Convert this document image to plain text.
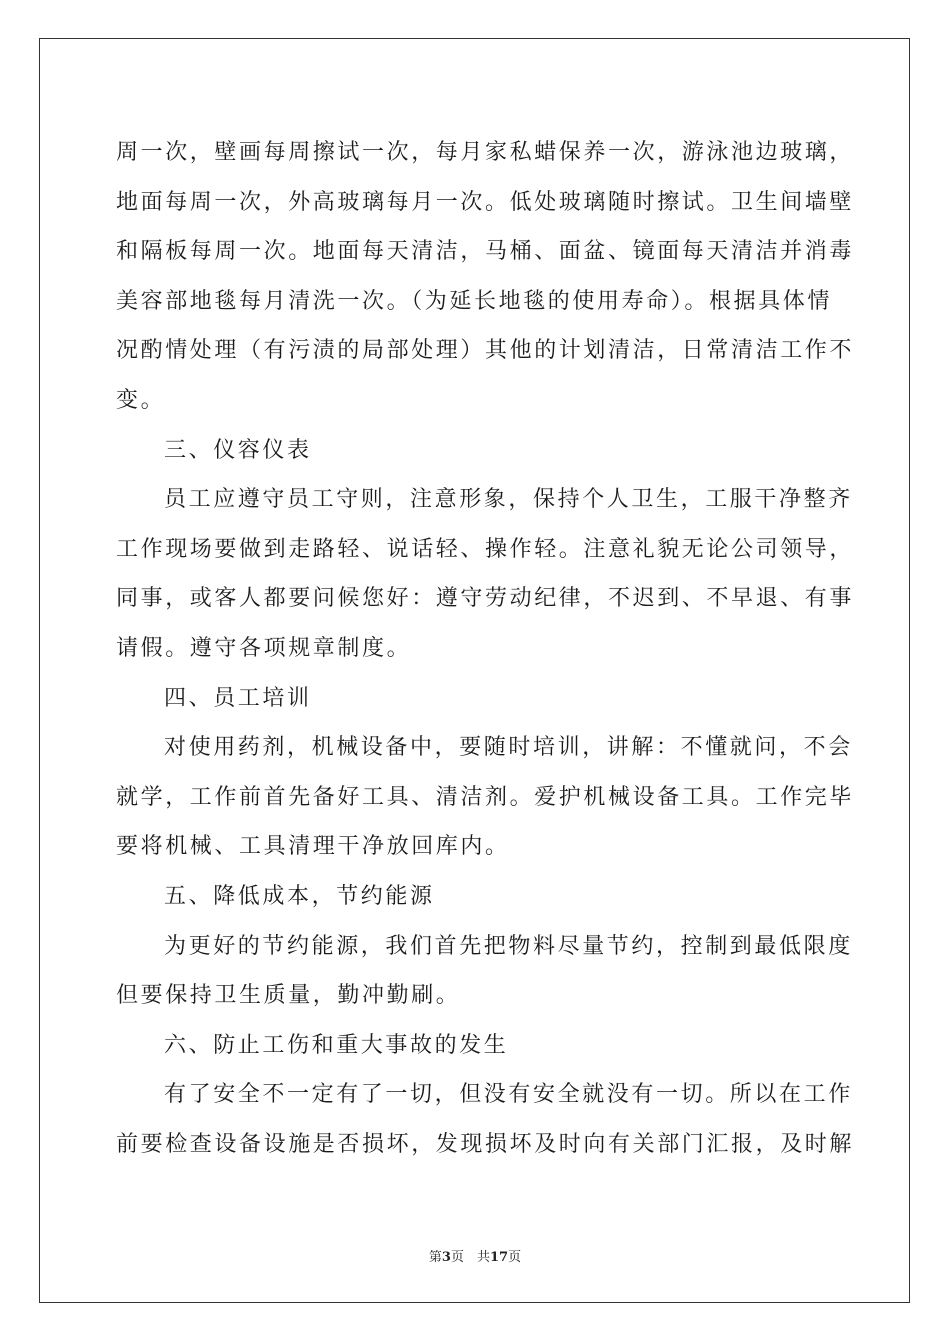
周一次，壁画每周擦试一次，每月家私蜡保养一次，游泳池边玻璃，
地面每周一次，外高玻璃每月一次。低处玻璃随时擦试。卫生间墙壁
和隔板每周一次。地面每天清洁，马桶、面盆、镜面每天清洁并消毒
美容部地毯每月清洗一次。（为延长地毯的使用寿命）。根据具体情
况酌情处理（有污渍的局部处理）其他的计划清洁，日常清洁工作不
变。
三、仪容仪表
员工应遵守员工守则，注意形象，保持个人卫生，工服干净整齐
工作现场要做到走路轻、说话轻、操作轻。注意礼貌无论公司领导，
同事，或客人都要问候您好：遵守劳动纪律，不迟到、不早退、有事
请假。遵守各项规章制度。
四、员工培训
对使用药剂，机械设备中，要随时培训，讲解：不懂就问，不会
就学，工作前首先备好工具、清洁剂。爱护机械设备工具。工作完毕
要将机械、工具清理干净放回库内。
五、降低成本，节约能源
为更好的节约能源，我们首先把物料尽量节约，控制到最低限度
但要保持卫生质量，勤冲勤刷。
六、防止工伤和重大事故的发生
有了安全不一定有了一切，但没有安全就没有一切。所以在工作
前要检查设备设施是否损坏，发现损坏及时向有关部门汇报，及时解
第3页　共17页
